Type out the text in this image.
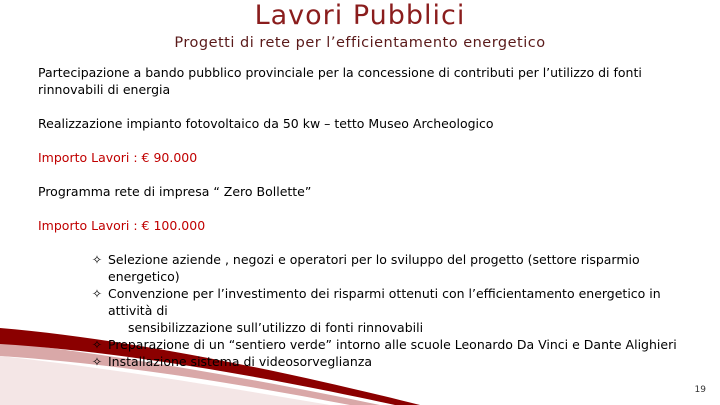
Lavori Pubblici
Progetti di rete per l’efficientamento energetico

Partecipazione a bando pubblico provinciale per la concessione di contributi per l’utilizzo di fonti
rinnovabili di energia

Realizzazione impianto fotovoltaico da 50 kw – tetto Museo Archeologico

Importo Lavori : € 90.000

Programma rete di impresa “ Zero Bollette”

Importo Lavori : € 100.000

✧ Selezione aziende , negozi e operatori per lo sviluppo del progetto (settore risparmio
energetico)
✧ Convenzione per l’investimento dei risparmi ottenuti con l’efficientamento energetico in
attività di
sensibilizzazione sull’utilizzo di fonti rinnovabili
✧ Preparazione di un “sentiero verde” intorno alle scuole Leonardo Da Vinci e Dante Alighieri
✧ Installazione sistema di videosorveglianza
19
